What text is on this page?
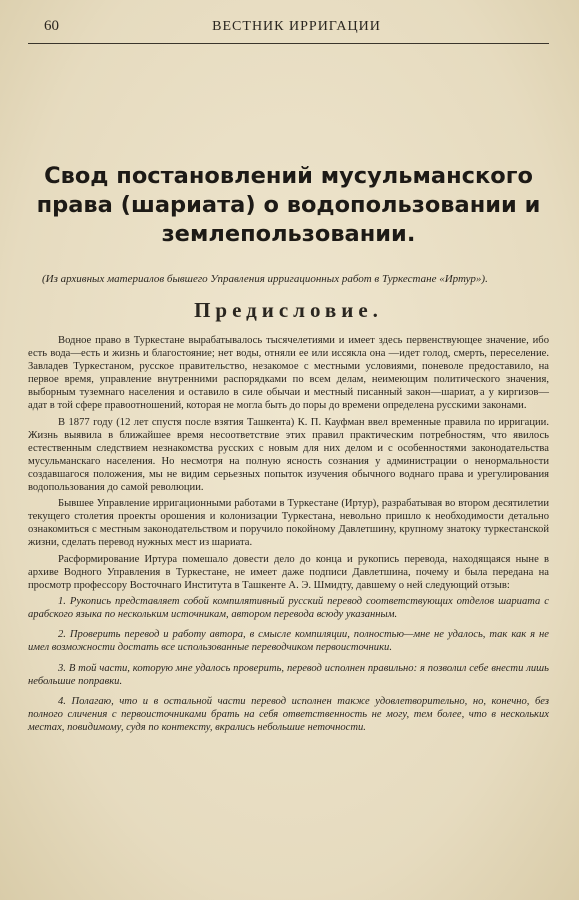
60	ВЕСТНИК ИРРИГАЦИИ
Свод постановлений мусульманского права (шариата) о водопользовании и землепользовании.
(Из архивных материалов бывшего Управления ирригационных работ в Туркестане «Иртур»).
Предисловие.

Водное право в Туркестане вырабатывалось тысячелетиями и имеет здесь первенствующее значение, ибо есть вода—есть и жизнь и благостояние; нет воды, отняли ее или иссякла она —идет голод, смерть, переселение. Завладев Туркестаном, русское правительство, незакомое с местными условиями, поневоле предоставило, на первое время, управление внутренними распорядками по всем делам, неимеющим политического значения, выборным туземнаго населения и оставило в силе обычаи и местный писанный закон—шариат, а у киргизов—адат в той сфере правоотношений, которая не могла быть до поры до времени определена русскими законами.

В 1877 году (12 лет спустя после взятия Ташкента) К. П. Кауфман ввел временные правила по ирригации. Жизнь выявила в ближайшее время несоответствие этих правил практическим потребностям, что явилось естественным следствием незнакомства русских с новым для них делом и с особенностями законодательства мусульманскаго населения. Но несмотря на полную ясность сознания у администрации о ненормальности создавшагося положения, мы не видим серьезных попыток изучения обычного воднаго права и урегулирования водопользования до самой революции.

Бывшее Управление ирригационными работами в Туркестане (Иртур), разрабатывая во втором десятилетии текущего столетия проекты орошения и колонизации Туркестана, невольно пришло к необходимости детально ознакомиться с местным законодательством и поручило покойному Давлетшину, крупному знатоку туркестанской жизни, сделать перевод нужных мест из шариата.

Расформирование Иртура помешало довести дело до конца и рукопись перевода, находящаяся ныне в архиве Водного Управления в Туркестане, не имеет даже подписи Давлетшина, почему и была передана на просмотр профессору Восточнаго Института в Ташкенте А. Э. Шмидту, давшему о ней следующий отзыв:

1. Рукопись представляет собой компилятивный русский перевод соответствующих отделов шариата с арабского языка по нескольким источникам, автором перевода всюду указанным.

2. Проверить перевод и работу автора, в смысле компиляции, полностью—мне не удалось, так как я не имел возможности достать все использованные переводчиком первоисточники.

3. В той части, которую мне удалось проверить, перевод исполнен правильно: я позволил себе внести лишь небольшие поправки.

4. Полагаю, что и в остальной части перевод исполнен также удовлетворительно, но, конечно, без полного сличения с первоисточниками брать на себя ответственность не могу, тем более, что в нескольких местах, повидимому, судя по контексту, вкрались небольшие неточности.
